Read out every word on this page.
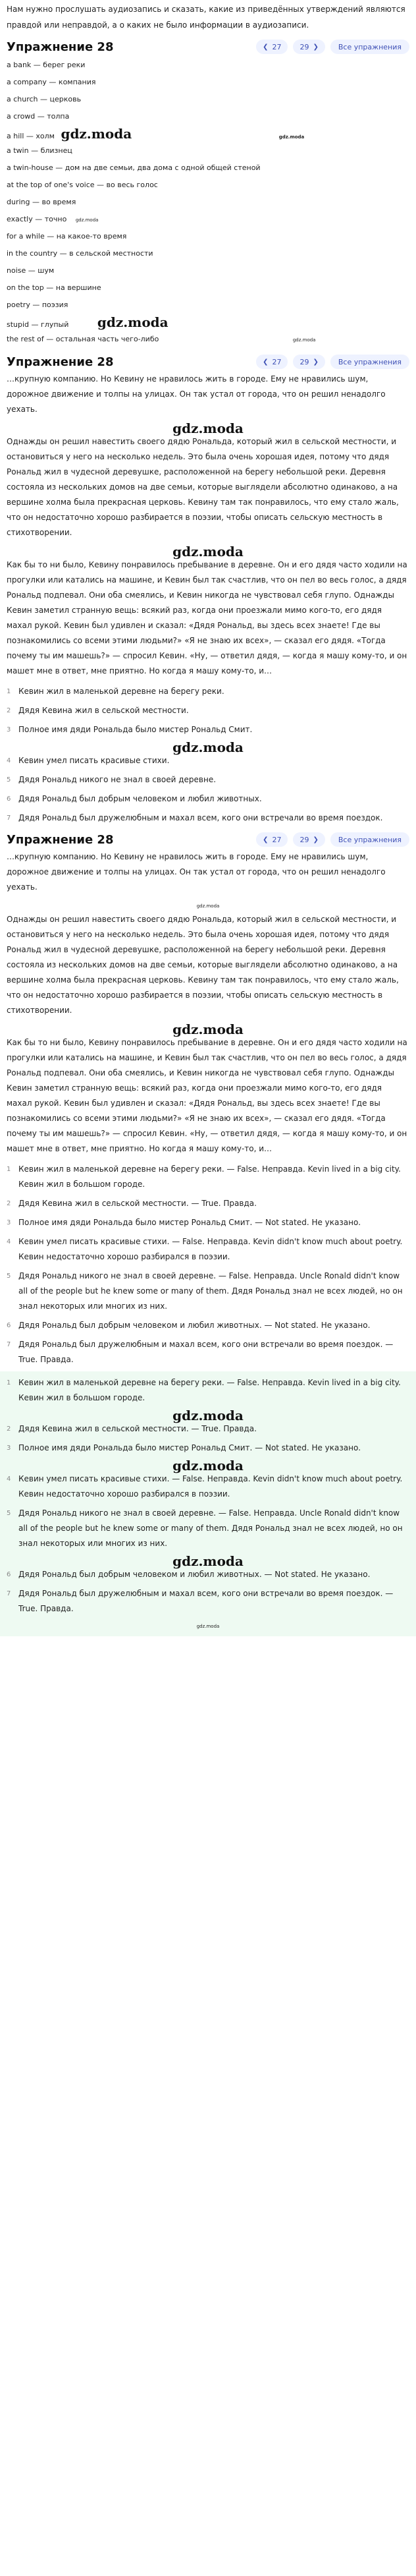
Нам нужно прослушать аудиозапись и сказать, какие из приведённых утверждений являются правдой или неправдой, а о каких не было информации в аудиозаписи.
Упражнение 28	❮ 27	29 ❯	Все упражнения
a bank — берег реки
a company — компания
a church — церковь
a crowd — толпа
a hill — холм gdz.moda	gdz.moda
a twin — близнец
a twin-house — дом на две семьи, два дома с одной общей стеной
at the top of one's voice — во весь голос
during — во время
exactly — точно gdz.moda
for a while — на какое-то время
in the country — в сельской местности
noise — шум
on the top — на вершине
poetry — поэзия
stupid — глупый gdz.moda
the rest of — остальная часть чего-либо	gdz.moda
Упражнение 28	❮ 27	29 ❯	Все упражнения

…крупную компанию. Но Кевину не нравилось жить в городе. Ему не нравились шум, дорожное движение и толпы на улицах. Он так устал от города, что он решил ненадолго уехать.

gdz.moda

Однажды он решил навестить своего дядю Рональда, который жил в сельской местности, и остановиться у него на несколько недель. Это была очень хорошая идея, потому что дядя Рональд жил в чудесной деревушке, расположенной на берегу небольшой реки. Деревня состояла из нескольких домов на две семьи, которые выглядели абсолютно одинаково, а на вершине холма была прекрасная церковь. Кевину там так понравилось, что ему стало жаль, что он недостаточно хорошо разбирается в поэзии, чтобы описать сельскую местность в стихотворении.

gdz.moda

Как бы то ни было, Кевину понравилось пребывание в деревне. Он и его дядя часто ходили на прогулки или катались на машине, и Кевин был так счастлив, что он пел во весь голос, а дядя Рональд подпевал. Они оба смеялись, и Кевин никогда не чувствовал себя глупо. Однажды Кевин заметил странную вещь: всякий раз, когда они проезжали мимо кого-то, его дядя махал рукой. Кевин был удивлен и сказал: «Дядя Рональд, вы здесь всех знаете! Где вы познакомились со всеми этими людьми?» «Я не знаю их всех», — сказал его дядя. «Тогда почему ты им машешь?» — спросил Кевин. «Ну, — ответил дядя, — когда я машу кому-то, и он машет мне в ответ, мне приятно. Но когда я машу кому-то, и…

1 Кевин жил в маленькой деревне на берегу реки.
2 Дядя Кевина жил в сельской местности.
3 Полное имя дяди Рональда было мистер Рональд Смит.
gdz.moda
4 Кевин умел писать красивые стихи.
5 Дядя Рональд никого не знал в своей деревне.
6 Дядя Рональд был добрым человеком и любил животных.
7 Дядя Рональд был дружелюбным и махал всем, кого они встречали во время поездок.
Упражнение 28	❮ 27	29 ❯	Все упражнения

…крупную компанию. Но Кевину не нравилось жить в городе. Ему не нравились шум, дорожное движение и толпы на улицах. Он так устал от города, что он решил ненадолго уехать.

gdz.moda

Однажды он решил навестить своего дядю Рональда, который жил в сельской местности, и остановиться у него на несколько недель. Это была очень хорошая идея, потому что дядя Рональд жил в чудесной деревушке, расположенной на берегу небольшой реки. Деревня состояла из нескольких домов на две семьи, которые выглядели абсолютно одинаково, а на вершине холма была прекрасная церковь. Кевину там так понравилось, что ему стало жаль, что он недостаточно хорошо разбирается в поэзии, чтобы описать сельскую местность в стихотворении.

gdz.moda

Как бы то ни было, Кевину понравилось пребывание в деревне. Он и его дядя часто ходили на прогулки или катались на машине, и Кевин был так счастлив, что он пел во весь голос, а дядя Рональд подпевал. Они оба смеялись, и Кевин никогда не чувствовал себя глупо. Однажды Кевин заметил странную вещь: всякий раз, когда они проезжали мимо кого-то, его дядя махал рукой. Кевин был удивлен и сказал: «Дядя Рональд, вы здесь всех знаете! Где вы познакомились со всеми этими людьми?» «Я не знаю их всех», — сказал его дядя. «Тогда почему ты им машешь?» — спросил Кевин. «Ну, — ответил дядя, — когда я машу кому-то, и он машет мне в ответ, мне приятно. Но когда я машу кому-то, и…

1 Кевин жил в маленькой деревне на берегу реки. — False. Неправда. Kevin lived in a big city. Кевин жил в большом городе.
2 Дядя Кевина жил в сельской местности. — True. Правда.
3 Полное имя дяди Рональда было мистер Рональд Смит. — Not stated. Не указано.
4 Кевин умел писать красивые стихи. — False. Неправда. Kevin didn't know much about poetry. Кевин недостаточно хорошо разбирался в поэзии.
5 Дядя Рональд никого не знал в своей деревне. — False. Неправда. Uncle Ronald didn't know all of the people but he knew some or many of them. Дядя Рональд знал не всех людей, но он знал некоторых или многих из них.
6 Дядя Рональд был добрым человеком и любил животных. — Not stated. Не указано.
7 Дядя Рональд был дружелюбным и махал всем, кого они встречали во время поездок. — True. Правда.
1 Кевин жил в маленькой деревне на берегу реки. — False. Неправда. Kevin lived in a big city. Кевин жил в большом городе.
gdz.moda
2 Дядя Кевина жил в сельской местности. — True. Правда.
3 Полное имя дяди Рональда было мистер Рональд Смит. — Not stated. Не указано.
gdz.moda
4 Кевин умел писать красивые стихи. — False. Неправда. Kevin didn't know much about poetry. Кевин недостаточно хорошо разбирался в поэзии.
5 Дядя Рональд никого не знал в своей деревне. — False. Неправда. Uncle Ronald didn't know all of the people but he knew some or many of them. Дядя Рональд знал не всех людей, но он знал некоторых или многих из них.
gdz.moda
6 Дядя Рональд был добрым человеком и любил животных. — Not stated. Не указано.
7 Дядя Рональд был дружелюбным и махал всем, кого они встречали во время поездок. — True. Правда.
gdz.moda
